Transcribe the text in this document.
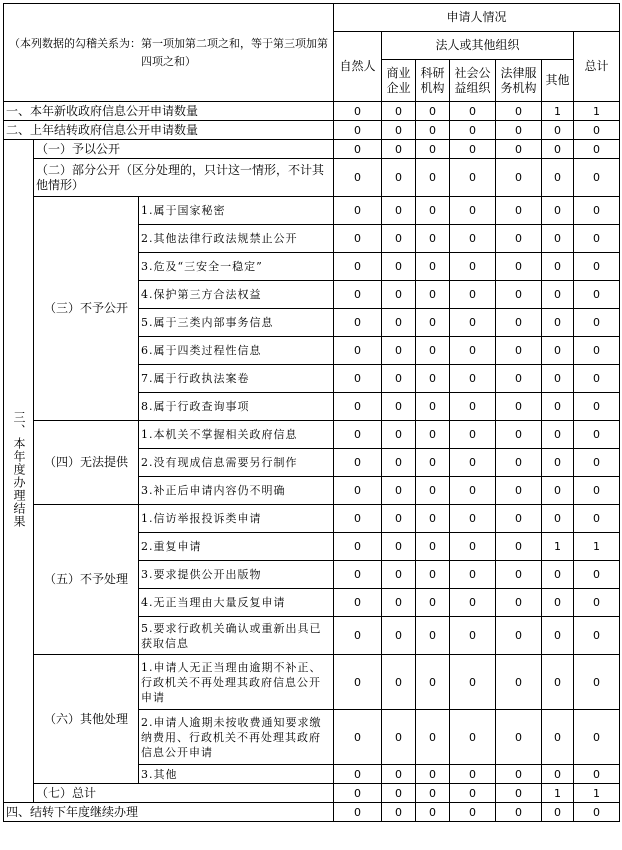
（本列数据的勾稽关系为：第一项加第二项之和，等于第三项加第四项之和）			申请人情况						
			自然人	法人或其他组织					总计
				商业企业	科研机构	社会公益组织	法律服务机构	其他	
一、本年新收政府信息公开申请数量			0	0	0	0	0	1	1
二、上年结转政府信息公开申请数量			0	0	0	0	0	0	0
三、本年度办理结果	（一）予以公开		0	0	0	0	0	0	0
	（二）部分公开（区分处理的，只计这一情形，不计其他情形）		0	0	0	0	0	0	0
	（三）不予公开	1.属于国家秘密	0	0	0	0	0	0	0
		2.其他法律行政法规禁止公开	0	0	0	0	0	0	0
		3.危及“三安全一稳定”	0	0	0	0	0	0	0
		4.保护第三方合法权益	0	0	0	0	0	0	0
		5.属于三类内部事务信息	0	0	0	0	0	0	0
		6.属于四类过程性信息	0	0	0	0	0	0	0
		7.属于行政执法案卷	0	0	0	0	0	0	0
		8.属于行政查询事项	0	0	0	0	0	0	0
	（四）无法提供	1.本机关不掌握相关政府信息	0	0	0	0	0	0	0
		2.没有现成信息需要另行制作	0	0	0	0	0	0	0
		3.补正后申请内容仍不明确	0	0	0	0	0	0	0
	（五）不予处理	1.信访举报投诉类申请	0	0	0	0	0	0	0
		2.重复申请	0	0	0	0	0	1	1
		3.要求提供公开出版物	0	0	0	0	0	0	0
		4.无正当理由大量反复申请	0	0	0	0	0	0	0
		5.要求行政机关确认或重新出具已获取信息	0	0	0	0	0	0	0
	（六）其他处理	1.申请人无正当理由逾期不补正、行政机关不再处理其政府信息公开申请	0	0	0	0	0	0	0
		2.申请人逾期未按收费通知要求缴纳费用、行政机关不再处理其政府信息公开申请	0	0	0	0	0	0	0
		3.其他	0	0	0	0	0	0	0
	（七）总计		0	0	0	0	0	1	1
四、结转下年度继续办理			0	0	0	0	0	0	0
